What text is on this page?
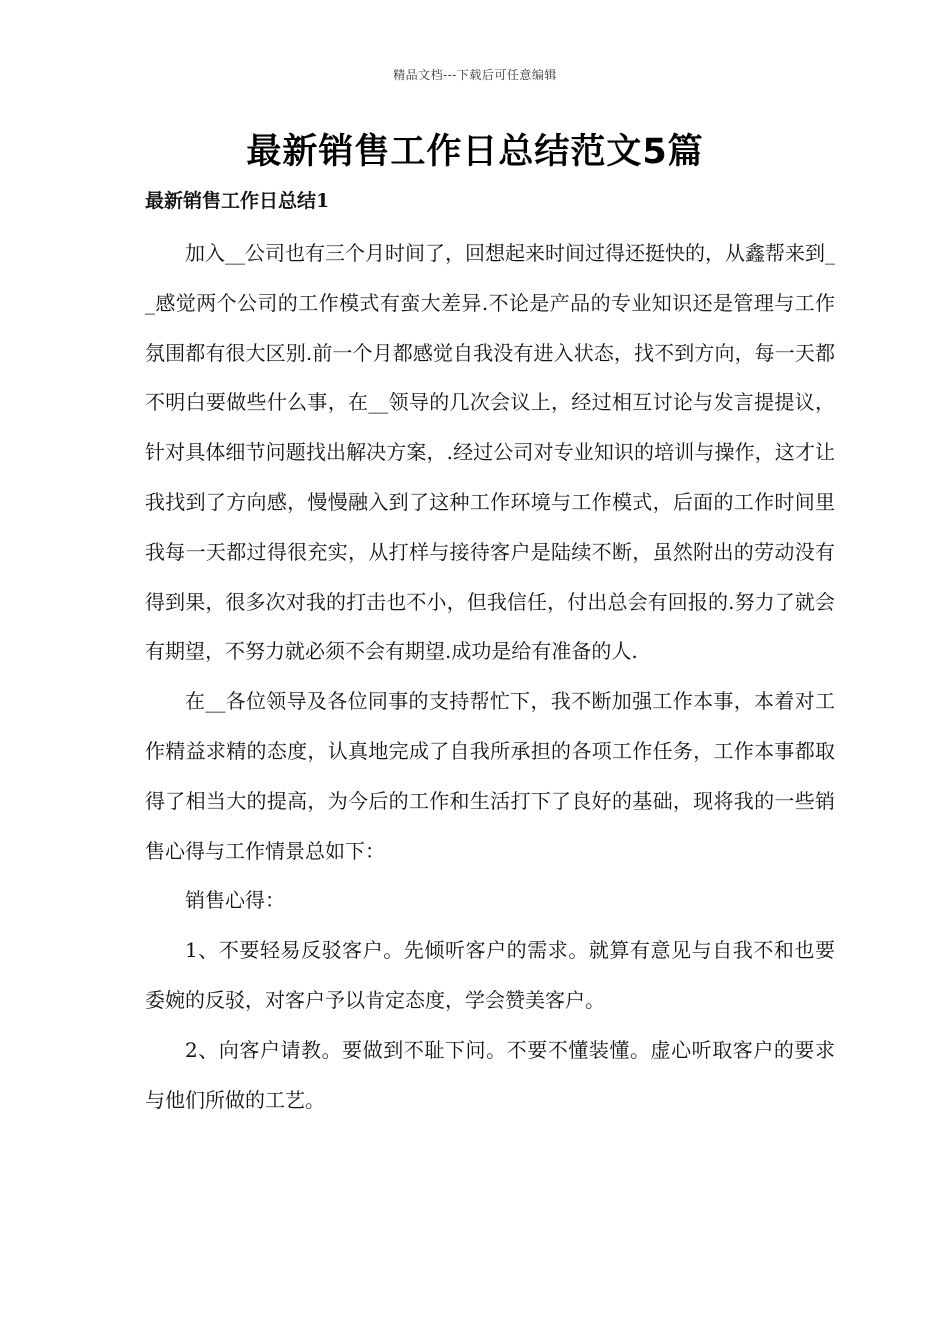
精品文档---下载后可任意编辑
最新销售工作日总结范文5篇
最新销售工作日总结1

加入__公司也有三个月时间了，回想起来时间过得还挺快的，从鑫帮来到__感觉两个公司的工作模式有蛮大差异.不论是产品的专业知识还是管理与工作氛围都有很大区别.前一个月都感觉自我没有进入状态，找不到方向，每一天都不明白要做些什么事，在__领导的几次会议上，经过相互讨论与发言提提议，针对具体细节问题找出解决方案，.经过公司对专业知识的培训与操作，这才让我找到了方向感，慢慢融入到了这种工作环境与工作模式，后面的工作时间里我每一天都过得很充实，从打样与接待客户是陆续不断，虽然附出的劳动没有得到果，很多次对我的打击也不小，但我信任，付出总会有回报的.努力了就会有期望，不努力就必须不会有期望.成功是给有准备的人.

在__各位领导及各位同事的支持帮忙下，我不断加强工作本事，本着对工作精益求精的态度，认真地完成了自我所承担的各项工作任务，工作本事都取得了相当大的提高，为今后的工作和生活打下了良好的基础，现将我的一些销售心得与工作情景总如下：

销售心得：

1、不要轻易反驳客户。先倾听客户的需求。就算有意见与自我不和也要委婉的反驳，对客户予以肯定态度，学会赞美客户。

2、向客户请教。要做到不耻下问。不要不懂装懂。虚心听取客户的要求与他们所做的工艺。
